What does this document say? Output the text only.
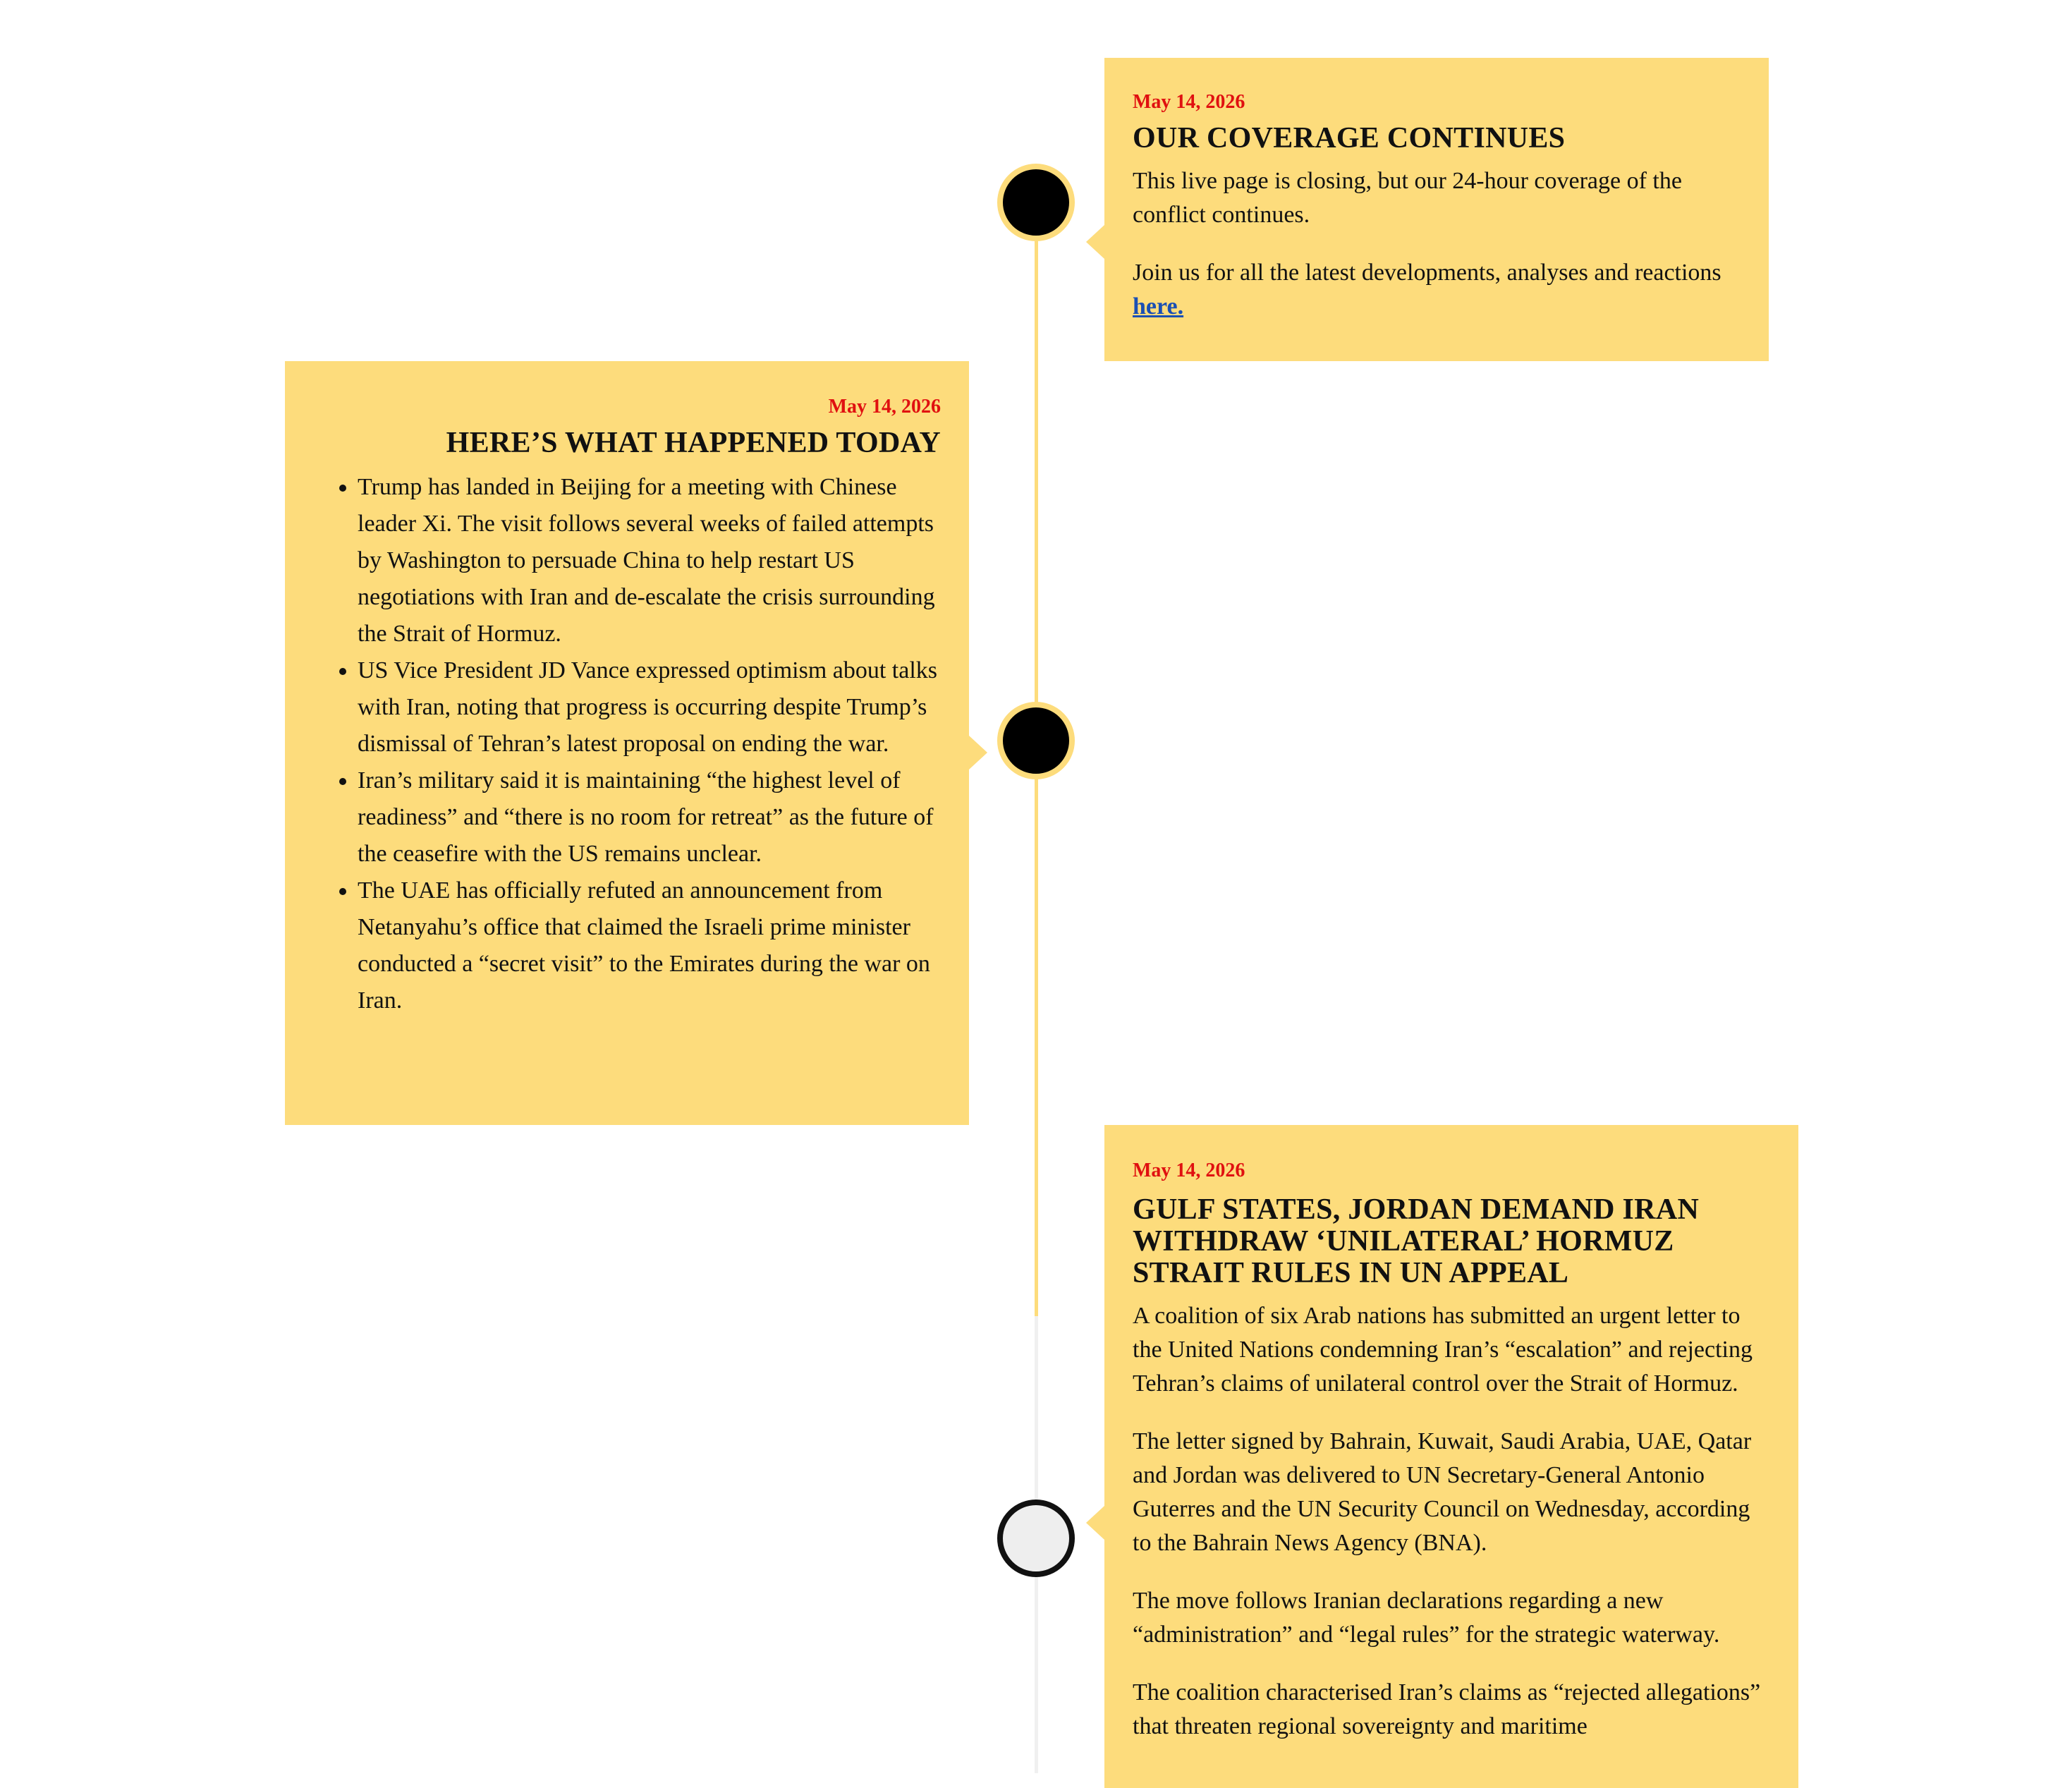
May 14, 2026

OUR COVERAGE CONTINUES

This live page is closing, but our 24-hour coverage of the conflict continues.

Join us for all the latest developments, analyses and reactions here.

May 14, 2026

HERE’S WHAT HAPPENED TODAY
• Trump has landed in Beijing for a meeting with Chinese leader Xi. The visit follows several weeks of failed attempts by Washington to persuade China to help restart US negotiations with Iran and de-escalate the crisis surrounding the Strait of Hormuz.
• US Vice President JD Vance expressed optimism about talks with Iran, noting that progress is occurring despite Trump’s dismissal of Tehran’s latest proposal on ending the war.
• Iran’s military said it is maintaining “the highest level of readiness” and “there is no room for retreat” as the future of the ceasefire with the US remains unclear.
• The UAE has officially refuted an announcement from Netanyahu’s office that claimed the Israeli prime minister conducted a “secret visit” to the Emirates during the war on Iran.

May 14, 2026

GULF STATES, JORDAN DEMAND IRAN WITHDRAW ‘UNILATERAL’ HORMUZ STRAIT RULES IN UN APPEAL

A coalition of six Arab nations has submitted an urgent letter to the United Nations condemning Iran’s “escalation” and rejecting Tehran’s claims of unilateral control over the Strait of Hormuz.

The letter signed by Bahrain, Kuwait, Saudi Arabia, UAE, Qatar and Jordan was delivered to UN Secretary-General Antonio Guterres and the UN Security Council on Wednesday, according to the Bahrain News Agency (BNA).

The move follows Iranian declarations regarding a new “administration” and “legal rules” for the strategic waterway.

The coalition characterised Iran’s claims as “rejected allegations” that threaten regional sovereignty and maritime
